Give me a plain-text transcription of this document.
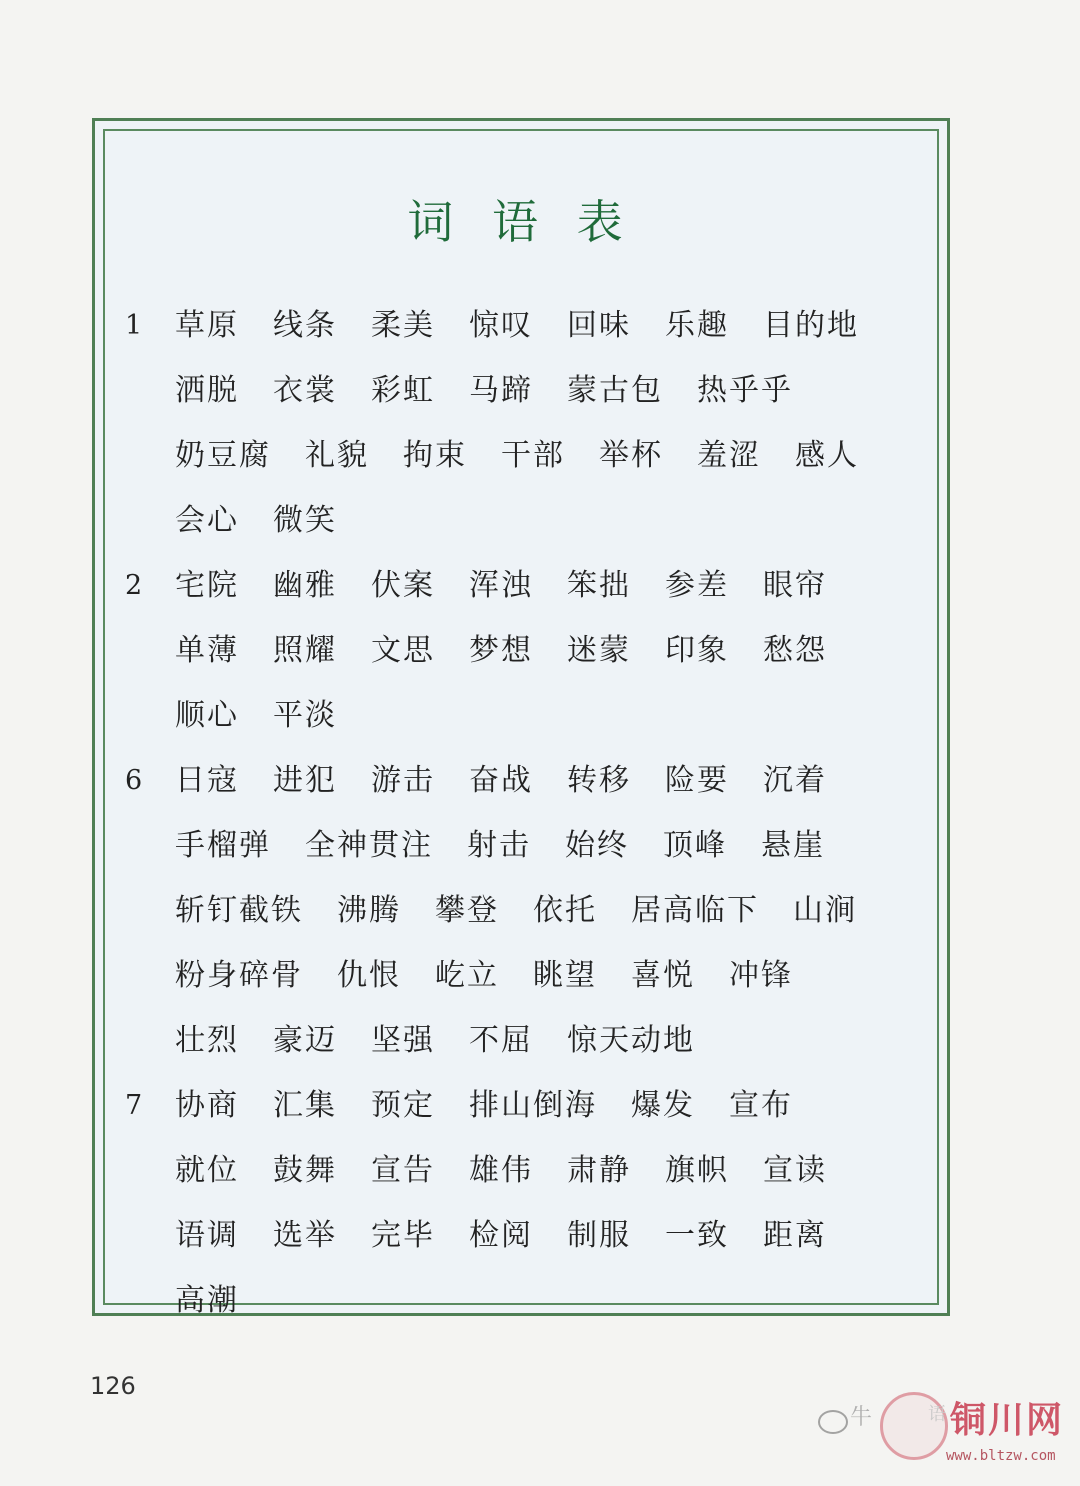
词 语 表
1	草原 线条 柔美 惊叹 回味 乐趣 目的地
洒脱 衣裳 彩虹 马蹄 蒙古包 热乎乎
奶豆腐 礼貌 拘束 干部 举杯 羞涩 感人
会心 微笑
2	宅院 幽雅 伏案 浑浊 笨拙 参差 眼帘
单薄 照耀 文思 梦想 迷蒙 印象 愁怨
顺心 平淡
6	日寇 进犯 游击 奋战 转移 险要 沉着
手榴弹 全神贯注 射击 始终 顶峰 悬崖
斩钉截铁 沸腾 攀登 依托 居高临下 山涧
粉身碎骨 仇恨 屹立 眺望 喜悦 冲锋
壮烈 豪迈 坚强 不屈 惊天动地
7	协商 汇集 预定 排山倒海 爆发 宣布
就位 鼓舞 宣告 雄伟 肃静 旗帜 宣读
语调 选举 完毕 检阅 制服 一致 距离
高潮
126
牛	语 铜川网
www.bltzw.com
